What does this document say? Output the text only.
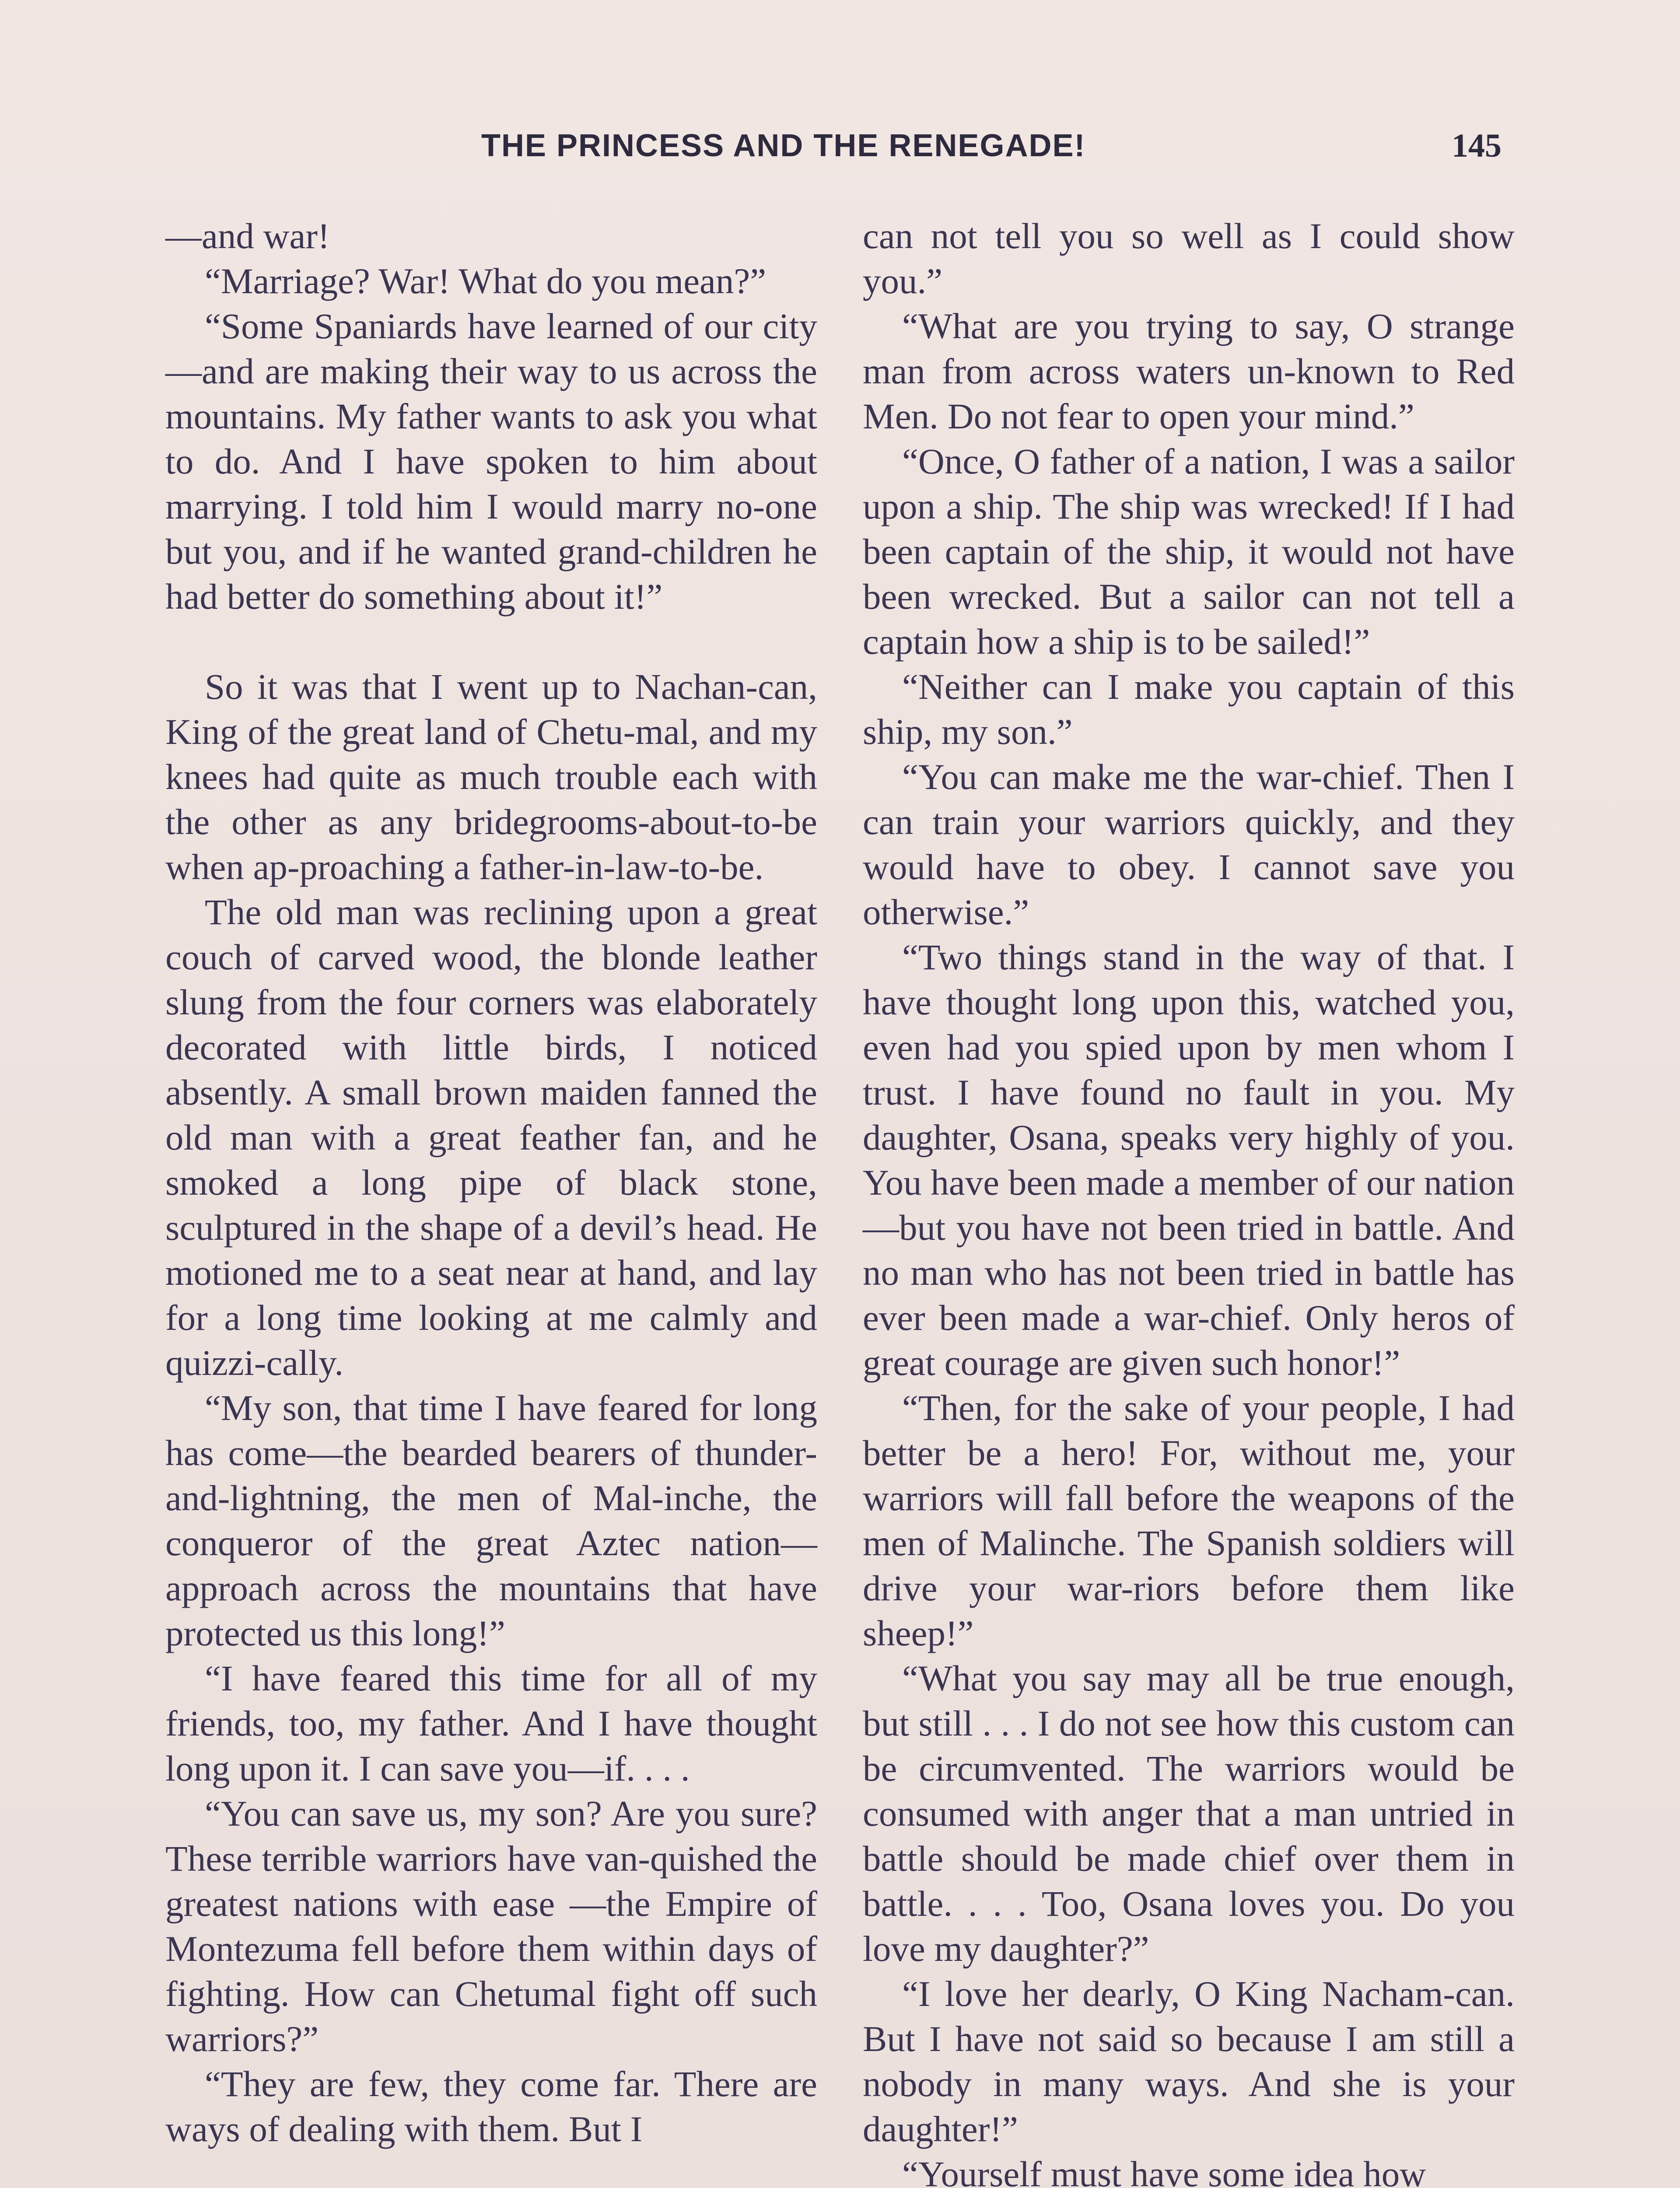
THE PRINCESS AND THE RENEGADE!	145

—and war!

“Marriage? War! What do you mean?”

“Some Spaniards have learned of our city—and are making their way to us across the mountains. My father wants to ask you what to do. And I have spoken to him about marrying. I told him I would marry no-one but you, and if he wanted grand-children he had better do something about it!”

So it was that I went up to Nachan-can, King of the great land of Chetu-mal, and my knees had quite as much trouble each with the other as any bridegrooms-about-to-be when ap-proaching a father-in-law-to-be.

The old man was reclining upon a great couch of carved wood, the blonde leather slung from the four corners was elaborately decorated with little birds, I noticed absently. A small brown maiden fanned the old man with a great feather fan, and he smoked a long pipe of black stone, sculptured in the shape of a devil’s head. He motioned me to a seat near at hand, and lay for a long time looking at me calmly and quizzi-cally.

“My son, that time I have feared for long has come—the bearded bearers of thunder-and-lightning, the men of Mal-inche, the conqueror of the great Aztec nation—approach across the mountains that have protected us this long!”

“I have feared this time for all of my friends, too, my father. And I have thought long upon it. I can save you—if. . . .

“You can save us, my son? Are you sure? These terrible warriors have van-quished the greatest nations with ease —the Empire of Montezuma fell before them within days of fighting. How can Chetumal fight off such warriors?”

“They are few, they come far. There are ways of dealing with them. But I

can not tell you so well as I could show you.”

“What are you trying to say, O strange man from across waters un-known to Red Men. Do not fear to open your mind.”

“Once, O father of a nation, I was a sailor upon a ship. The ship was wrecked! If I had been captain of the ship, it would not have been wrecked. But a sailor can not tell a captain how a ship is to be sailed!”

“Neither can I make you captain of this ship, my son.”

“You can make me the war-chief. Then I can train your warriors quickly, and they would have to obey. I cannot save you otherwise.”

“Two things stand in the way of that. I have thought long upon this, watched you, even had you spied upon by men whom I trust. I have found no fault in you. My daughter, Osana, speaks very highly of you. You have been made a member of our nation—but you have not been tried in battle. And no man who has not been tried in battle has ever been made a war-chief. Only heros of great courage are given such honor!”

“Then, for the sake of your people, I had better be a hero! For, without me, your warriors will fall before the weapons of the men of Malinche. The Spanish soldiers will drive your war-riors before them like sheep!”

“What you say may all be true enough, but still . . . I do not see how this custom can be circumvented. The warriors would be consumed with anger that a man untried in battle should be made chief over them in battle. . . . Too, Osana loves you. Do you love my daughter?”

“I love her dearly, O King Nacham-can. But I have not said so because I am still a nobody in many ways. And she is your daughter!”

“Yourself must have some idea how
